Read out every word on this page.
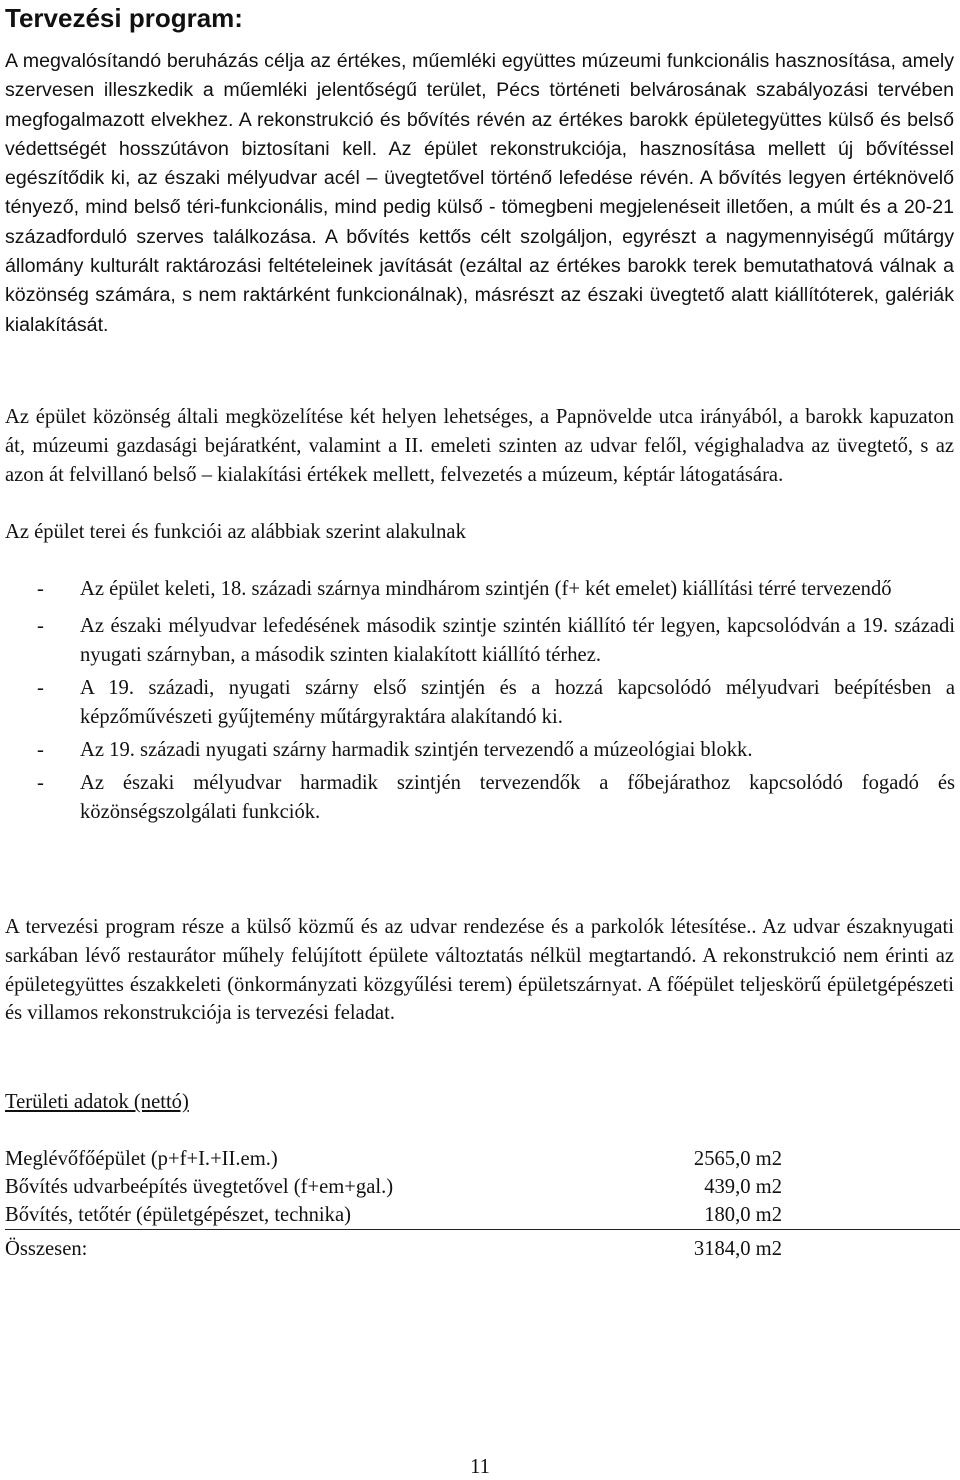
Tervezési program:

A megvalósítandó beruházás célja az értékes, műemléki együttes múzeumi funkcionális hasznosítása, amely szervesen illeszkedik a műemléki jelentőségű terület, Pécs történeti belvárosának szabályozási tervében megfogalmazott elvekhez. A rekonstrukció és bővítés révén az értékes barokk épületegyüttes külső és belső védettségét hosszútávon biztosítani kell. Az épület rekonstrukciója, hasznosítása mellett új bővítéssel egészítődik ki, az északi mélyudvar acél – üvegtetővel történő lefedése révén. A bővítés legyen értéknövelő tényező, mind belső téri-funkcionális, mind pedig külső - tömegbeni megjelenéseit illetően, a múlt és a 20-21 századforduló szerves találkozása. A bővítés kettős célt szolgáljon, egyrészt a nagymennyiségű műtárgy állomány kulturált raktározási feltételeinek javítását (ezáltal az értékes barokk terek bemutathatová válnak a közönség számára, s nem raktárként funkcionálnak), másrészt az északi üvegtető alatt kiállítóterek, galériák kialakítását.

Az épület közönség általi megközelítése két helyen lehetséges, a Papnövelde utca irányából, a barokk kapuzaton át, múzeumi gazdasági bejáratként, valamint a II. emeleti szinten az udvar felől, végighaladva az üvegtető, s az azon át felvillanó belső – kialakítási értékek mellett, felvezetés a múzeum, képtár látogatására.

Az épület terei és funkciói az alábbiak szerint alakulnak

- Az épület keleti, 18. századi szárnya mindhárom szintjén (f+ két emelet) kiállítási térré tervezendő
- Az északi mélyudvar lefedésének második szintje szintén kiállító tér legyen, kapcsolódván a 19. századi nyugati szárnyban, a második szinten kialakított kiállító térhez.
- A 19. századi, nyugati szárny első szintjén és a hozzá kapcsolódó mélyudvari beépítésben a képzőművészeti gyűjtemény műtárgyraktára alakítandó ki.
- Az 19. századi nyugati szárny harmadik szintjén tervezendő a múzeológiai blokk.
- Az északi mélyudvar harmadik szintjén tervezendők a főbejárathoz kapcsolódó fogadó és közönségszolgálati funkciók.

A tervezési program része a külső közmű és az udvar rendezése és a parkolók létesítése.. Az udvar északnyugati sarkában lévő restaurátor műhely felújított épülete változtatás nélkül megtartandó. A rekonstrukció nem érinti az épületegyüttes északkeleti (önkormányzati közgyűlési terem) épületszárnyat. A főépület teljeskörű épületgépészeti és villamos rekonstrukciója is tervezési feladat.

Területi adatok (nettó)
Meglévőfőépület (p+f+I.+II.em.)	2565,0 m2
Bővítés udvarbeépítés üvegtetővel (f+em+gal.)	439,0 m2
Bővítés, tetőtér (épületgépészet, technika)	180,0 m2
Összesen:	3184,0 m2
11
